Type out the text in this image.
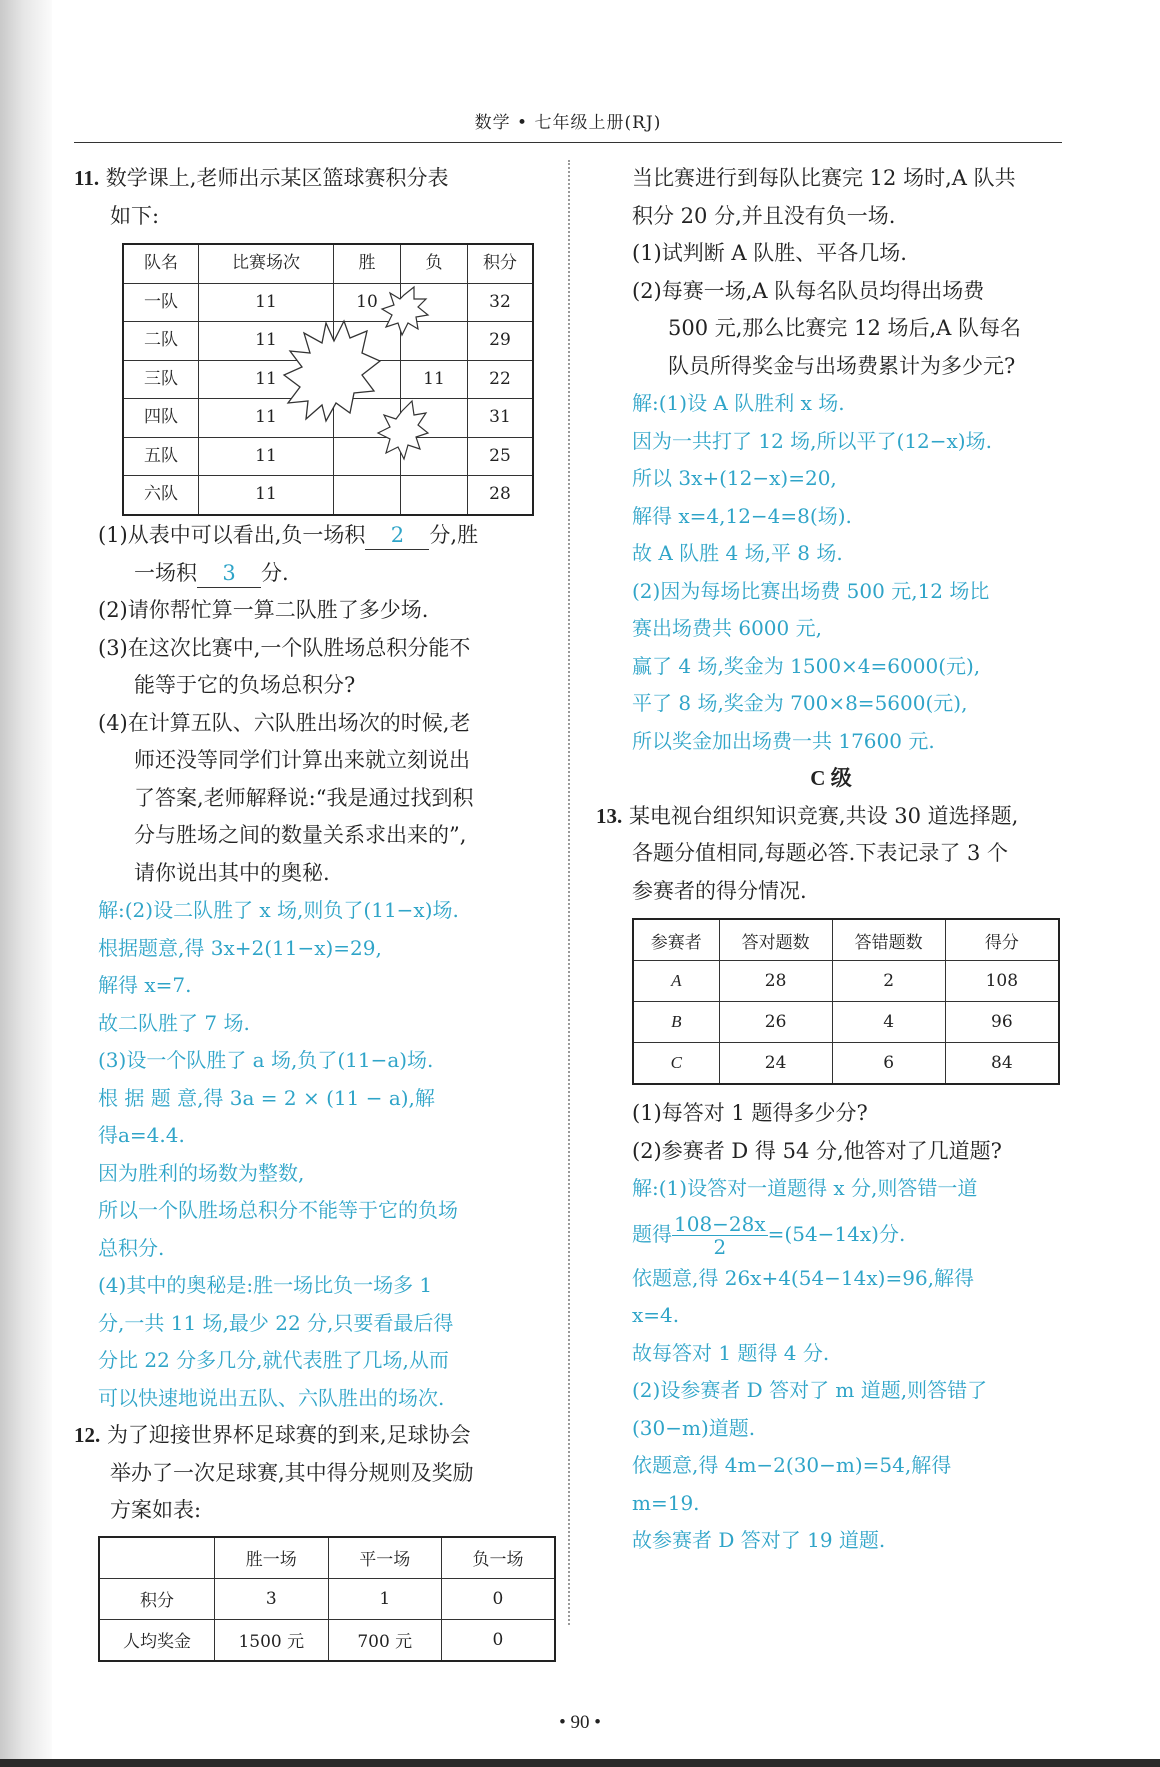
数学 • 七年级上册(RJ)
11. 数学课上,老师出示某区篮球赛积分表
如下:
队名	比赛场次	胜	负	积分
一队	11	10		32
二队	11			29
三队	11		11	22
四队	11			31
五队	11			25
六队	11			28
(1)从表中可以看出,负一场积 2 分,胜
一场积 3 分.
(2)请你帮忙算一算二队胜了多少场.
(3)在这次比赛中,一个队胜场总积分能不
能等于它的负场总积分?
(4)在计算五队、六队胜出场次的时候,老
师还没等同学们计算出来就立刻说出
了答案,老师解释说:“我是通过找到积
分与胜场之间的数量关系求出来的”,
请你说出其中的奥秘.
解:(2)设二队胜了 x 场,则负了(11−x)场.
根据题意,得 3x+2(11−x)=29,
解得 x=7.
故二队胜了 7 场.
(3)设一个队胜了 a 场,负了(11−a)场.
根 据 题 意,得 3a = 2 × (11 − a),解
得a=4.4.
因为胜利的场数为整数,
所以一个队胜场总积分不能等于它的负场
总积分.
(4)其中的奥秘是:胜一场比负一场多 1
分,一共 11 场,最少 22 分,只要看最后得
分比 22 分多几分,就代表胜了几场,从而
可以快速地说出五队、六队胜出的场次.
12. 为了迎接世界杯足球赛的到来,足球协会
举办了一次足球赛,其中得分规则及奖励
方案如表:
	胜一场	平一场	负一场
积分	3	1	0
人均奖金	1500 元	700 元	0
当比赛进行到每队比赛完 12 场时,A 队共
积分 20 分,并且没有负一场.
(1)试判断 A 队胜、平各几场.
(2)每赛一场,A 队每名队员均得出场费
500 元,那么比赛完 12 场后,A 队每名
队员所得奖金与出场费累计为多少元?
解:(1)设 A 队胜利 x 场.
因为一共打了 12 场,所以平了(12−x)场.
所以 3x+(12−x)=20,
解得 x=4,12−4=8(场).
故 A 队胜 4 场,平 8 场.
(2)因为每场比赛出场费 500 元,12 场比
赛出场费共 6000 元,
赢了 4 场,奖金为 1500×4=6000(元),
平了 8 场,奖金为 700×8=5600(元),
所以奖金加出场费一共 17600 元.
C 级
13. 某电视台组织知识竞赛,共设 30 道选择题,
各题分值相同,每题必答.下表记录了 3 个
参赛者的得分情况.
参赛者	答对题数	答错题数	得分
A	28	2	108
B	26	4	96
C	24	6	84
(1)每答对 1 题得多少分?
(2)参赛者 D 得 54 分,他答对了几道题?
解:(1)设答对一道题得 x 分,则答错一道
题得 $\frac{108-28x}{2} =(54-14x)$分.
依题意,得 26x+4(54−14x)=96,解得
x=4.
故每答对 1 题得 4 分.
(2)设参赛者 D 答对了 m 道题,则答错了
(30−m)道题.
依题意,得 4m−2(30−m)=54,解得
m=19.
故参赛者 D 答对了 19 道题.
• 90 •
